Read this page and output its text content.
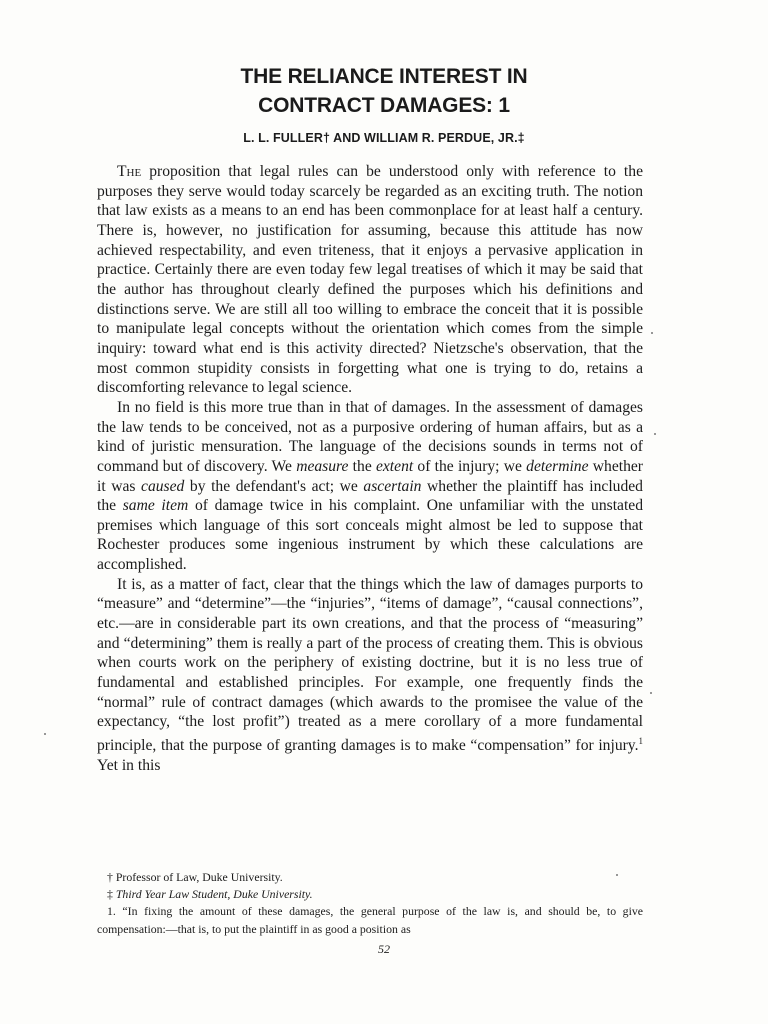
THE RELIANCE INTEREST IN
CONTRACT DAMAGES: 1
L. L. FULLER† AND WILLIAM R. PERDUE, JR.‡

The proposition that legal rules can be understood only with reference to the purposes they serve would today scarcely be regarded as an exciting truth. The notion that law exists as a means to an end has been commonplace for at least half a century. There is, however, no justification for assuming, because this attitude has now achieved respectability, and even triteness, that it enjoys a pervasive application in practice. Certainly there are even today few legal treatises of which it may be said that the author has throughout clearly defined the purposes which his definitions and distinctions serve. We are still all too willing to embrace the conceit that it is possible to manipulate legal concepts without the orientation which comes from the simple inquiry: toward what end is this activity directed? Nietzsche's observation, that the most common stupidity consists in forgetting what one is trying to do, retains a discomforting relevance to legal science.

In no field is this more true than in that of damages. In the assessment of damages the law tends to be conceived, not as a purposive ordering of human affairs, but as a kind of juristic mensuration. The language of the decisions sounds in terms not of command but of discovery. We measure the extent of the injury; we determine whether it was caused by the defendant's act; we ascertain whether the plaintiff has included the same item of damage twice in his complaint. One unfamiliar with the unstated premises which language of this sort conceals might almost be led to suppose that Rochester produces some ingenious instrument by which these calculations are accomplished.

It is, as a matter of fact, clear that the things which the law of damages purports to “measure” and “determine”—the “injuries”, “items of damage”, “causal connections”, etc.—are in considerable part its own creations, and that the process of “measuring” and “determining” them is really a part of the process of creating them. This is obvious when courts work on the periphery of existing doctrine, but it is no less true of fundamental and established principles. For example, one frequently finds the “normal” rule of contract damages (which awards to the promisee the value of the expectancy, “the lost profit”) treated as a mere corollary of a more fundamental principle, that the purpose of granting damages is to make “compensation” for injury.$^1$ Yet in this

† Professor of Law, Duke University.

‡ Third Year Law Student, Duke University.

1. “In fixing the amount of these damages, the general purpose of the law is, and should be, to give compensation:—that is, to put the plaintiff in as good a position as

52
